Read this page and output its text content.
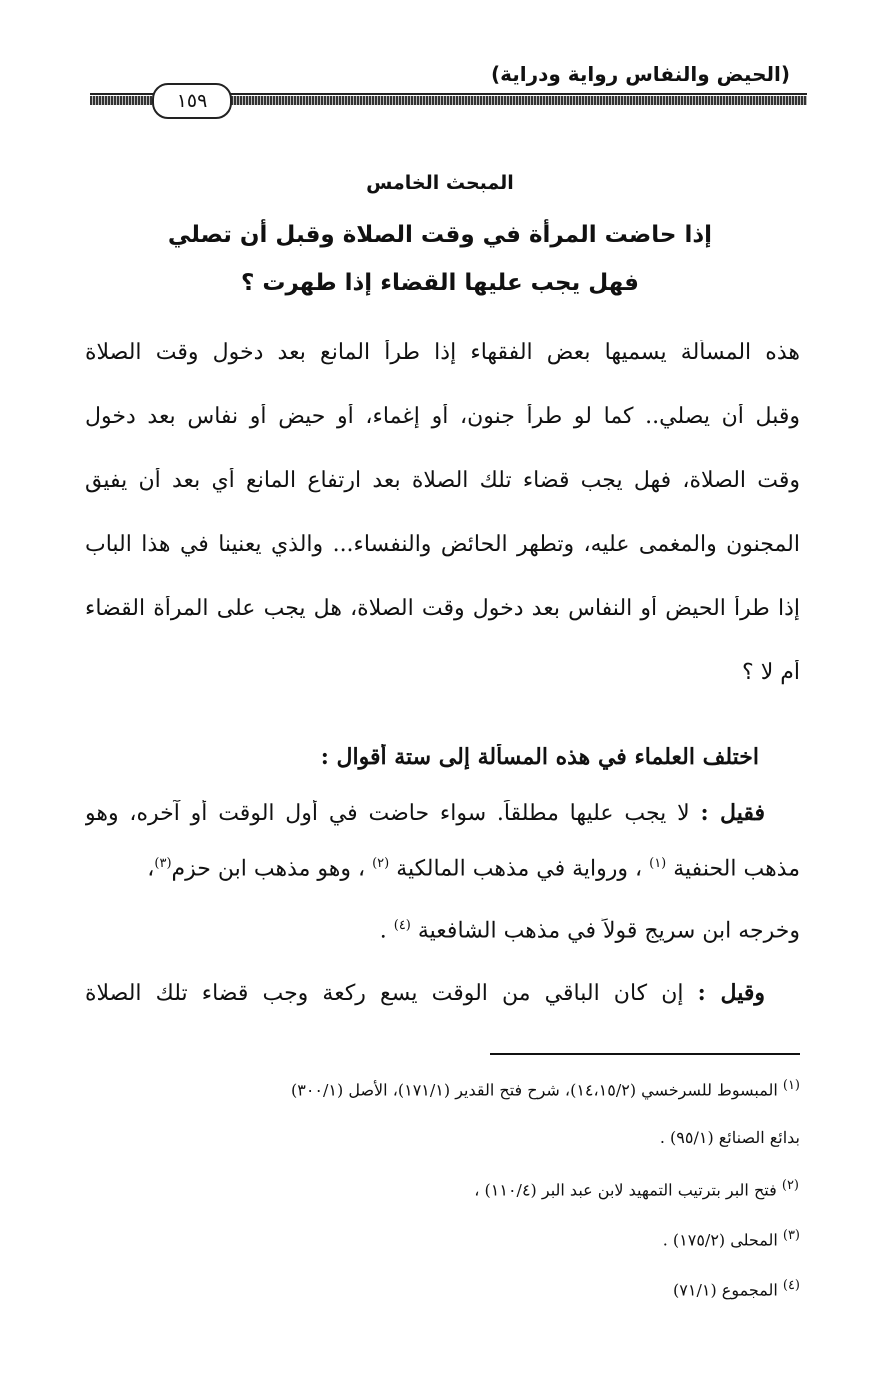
(الحيض والنفاس رواية ودراية)
١٥٩
المبحث الخامس
إذا حاضت المرأة في وقت الصلاة وقبل أن تصلي
فهل يجب عليها القضاء إذا طهرت ؟
هذه المسألة يسميها بعض الفقهاء إذا طرأ المانع بعد دخول وقت الصلاة
وقبل أن يصلي.. كما لو طرأ جنون، أو إغماء، أو حيض أو نفاس بعد دخول
وقت الصلاة، فهل يجب قضاء تلك الصلاة بعد ارتفاع المانع أي بعد أن يفيق
المجنون والمغمى عليه، وتطهر الحائض والنفساء... والذي يعنينا في هذا الباب
إذا طرأ الحيض أو النفاس بعد دخول وقت الصلاة، هل يجب على المرأة القضاء
أم لا ؟
اختلف العلماء في هذه المسألة إلى ستة أقوال :
فقيل : لا يجب عليها مطلقاً. سواء حاضت في أول الوقت أو آخره، وهو
مذهب الحنفية $^{(١)}$ ، ورواية في مذهب المالكية $^{(٢)}$ ، وهو مذهب ابن حزم$^{(٣)}$،
وخرجه ابن سريج قولاً في مذهب الشافعية $^{(٤)}$ .
وقيل : إن كان الباقي من الوقت يسع ركعة وجب قضاء تلك الصلاة
$^{(١)}$ المبسوط للسرخسي (١٤،١٥/٢)، شرح فتح القدير (١٧١/١)، الأصل (٣٠٠/١)
بدائع الصنائع (٩٥/١) .
$^{(٢)}$ فتح البر بترتيب التمهيد لابن عبد البر (١١٠/٤) ،
$^{(٣)}$ المحلى (١٧٥/٢) .
$^{(٤)}$ المجموع (٧١/١)
